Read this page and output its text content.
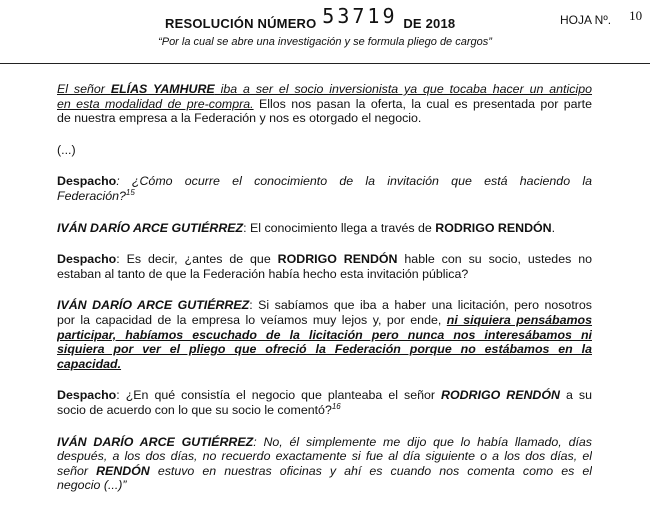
RESOLUCIÓN NÚMERO 53719 DE 2018	HOJA Nº. 10
“Por la cual se abre una investigación y se formula pliego de cargos”
El señor ELÍAS YAMHURE iba a ser el socio inversionista ya que tocaba hacer un anticipo
en esta modalidad de pre-compra. Ellos nos pasan la oferta, la cual es presentada por parte
de nuestra empresa a la Federación y nos es otorgado el negocio.
(...)
Despacho: ¿Cómo ocurre el conocimiento de la invitación que está haciendo la
Federación?$^{15}$
IVÁN DARÍO ARCE GUTIÉRREZ: El conocimiento llega a través de RODRIGO RENDÓN.
Despacho: Es decir, ¿antes de que RODRIGO RENDÓN hable con su socio, ustedes no
estaban al tanto de que la Federación había hecho esta invitación pública?
IVÁN DARÍO ARCE GUTIÉRREZ: Si sabíamos que iba a haber una licitación, pero nosotros
por la capacidad de la empresa lo veíamos muy lejos y, por ende, ni siquiera pensábamos
participar, habíamos escuchado de la licitación pero nunca nos interesábamos ni
siquiera por ver el pliego que ofreció la Federación porque no estábamos en la
capacidad.
Despacho: ¿En qué consistía el negocio que planteaba el señor RODRIGO RENDÓN a su
socio de acuerdo con lo que su socio le comentó?$^{16}$
IVÁN DARÍO ARCE GUTIÉRREZ: No, él simplemente me dijo que lo había llamado, días
después, a los dos días, no recuerdo exactamente si fue al día siguiente o a los dos días, el
señor RENDÓN estuvo en nuestras oficinas y ahí es cuando nos comenta como es el
negocio (...)”
